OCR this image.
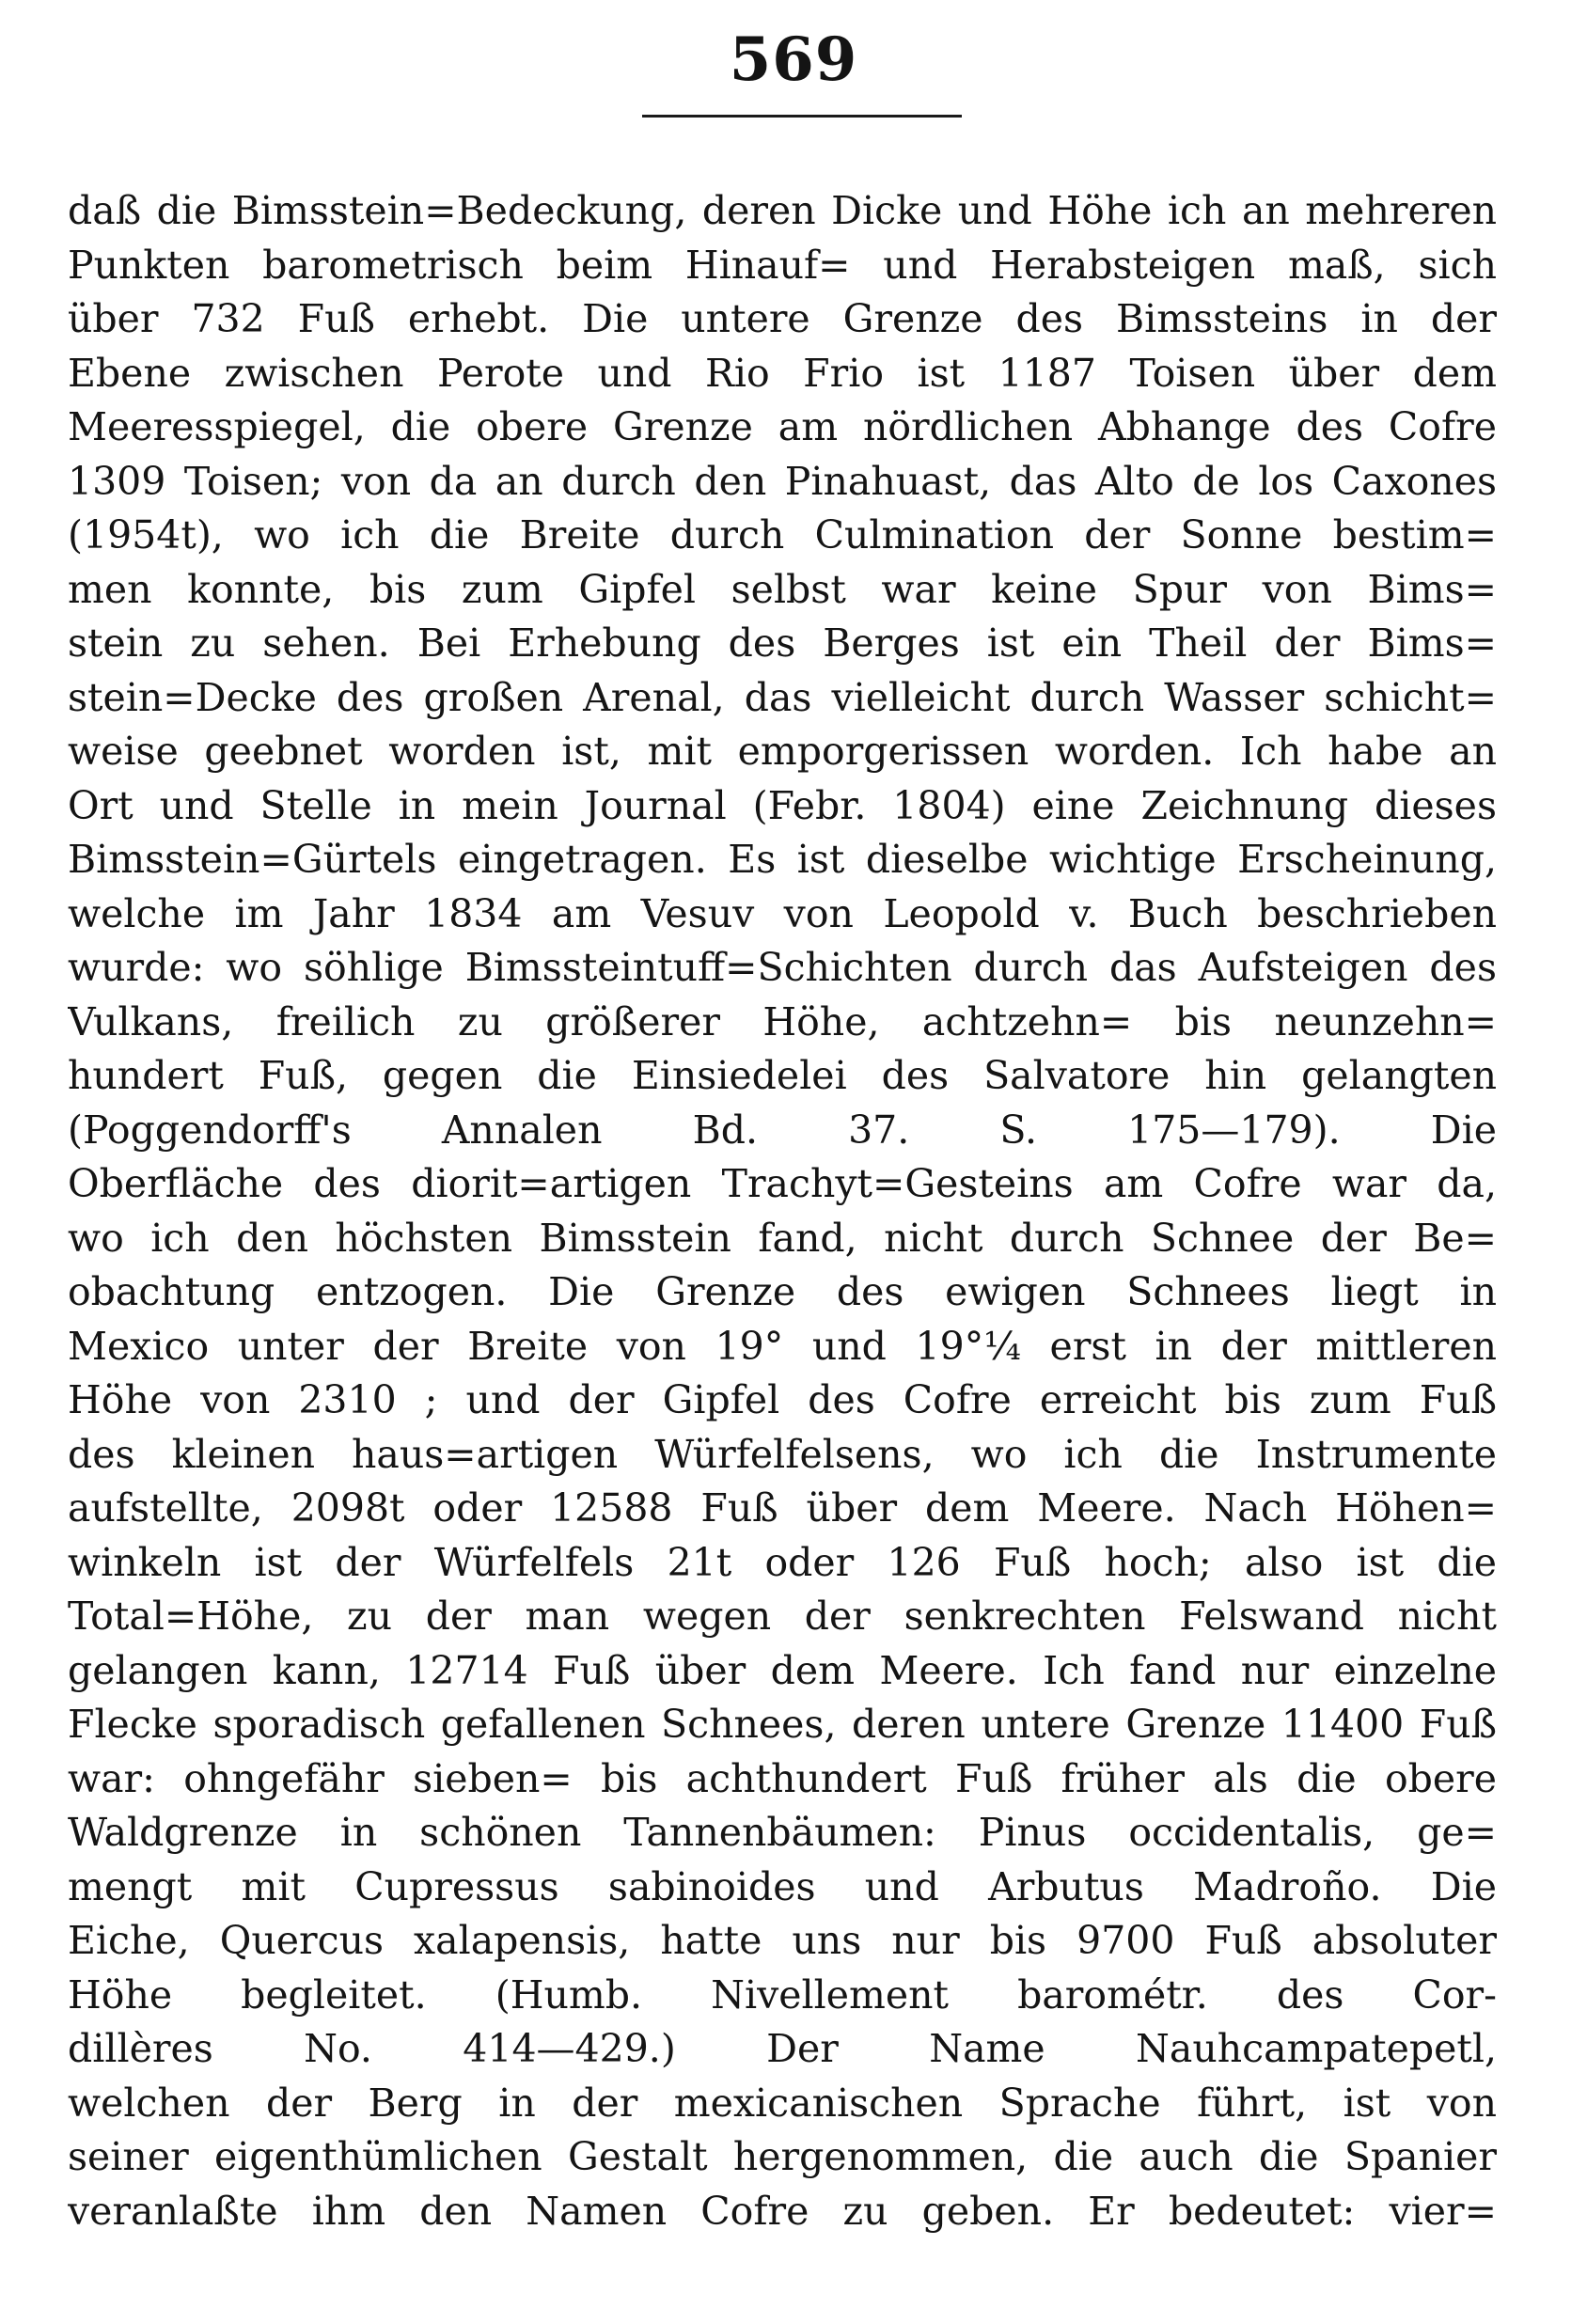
569
daß die Bimsstein=Bedeckung, deren Dicke und Höhe ich an mehreren
Punkten barometrisch beim Hinauf= und Herabsteigen maß, sich
über 732 Fuß erhebt. Die untere Grenze des Bimssteins in der
Ebene zwischen Perote und Rio Frio ist 1187 Toisen über dem
Meeresspiegel, die obere Grenze am nördlichen Abhange des Cofre
1309 Toisen; von da an durch den Pinahuast, das Alto de los Caxones
(1954t), wo ich die Breite durch Culmination der Sonne bestim=
men konnte, bis zum Gipfel selbst war keine Spur von Bims=
stein zu sehen. Bei Erhebung des Berges ist ein Theil der Bims=
stein=Decke des großen Arenal, das vielleicht durch Wasser schicht=
weise geebnet worden ist, mit emporgerissen worden. Ich habe an
Ort und Stelle in mein Journal (Febr. 1804) eine Zeichnung dieses
Bimsstein=Gürtels eingetragen. Es ist dieselbe wichtige Erscheinung,
welche im Jahr 1834 am Vesuv von Leopold v. Buch beschrieben
wurde: wo söhlige Bimssteintuff=Schichten durch das Aufsteigen des
Vulkans, freilich zu größerer Höhe, achtzehn= bis neunzehn=
hundert Fuß, gegen die Einsiedelei des Salvatore hin gelangten
(Poggendorff's Annalen Bd. 37. S. 175—179). Die
Oberfläche des diorit=artigen Trachyt=Gesteins am Cofre war da,
wo ich den höchsten Bimsstein fand, nicht durch Schnee der Be=
obachtung entzogen. Die Grenze des ewigen Schnees liegt in
Mexico unter der Breite von 19° und 19°¼ erst in der mittleren
Höhe von 2310 ; und der Gipfel des Cofre erreicht bis zum Fuß
des kleinen haus=artigen Würfelfelsens, wo ich die Instrumente
aufstellte, 2098t oder 12588 Fuß über dem Meere. Nach Höhen=
winkeln ist der Würfelfels 21t oder 126 Fuß hoch; also ist die
Total=Höhe, zu der man wegen der senkrechten Felswand nicht
gelangen kann, 12714 Fuß über dem Meere. Ich fand nur einzelne
Flecke sporadisch gefallenen Schnees, deren untere Grenze 11400 Fuß
war: ohngefähr sieben= bis achthundert Fuß früher als die obere
Waldgrenze in schönen Tannenbäumen: Pinus occidentalis, ge=
mengt mit Cupressus sabinoides und Arbutus Madroño. Die
Eiche, Quercus xalapensis, hatte uns nur bis 9700 Fuß absoluter
Höhe begleitet. (Humb. Nivellement barométr. des Cor-
dillères No. 414—429.) Der Name Nauhcampatepetl,
welchen der Berg in der mexicanischen Sprache führt, ist von
seiner eigenthümlichen Gestalt hergenommen, die auch die Spanier
veranlaßte ihm den Namen Cofre zu geben. Er bedeutet: vier=
